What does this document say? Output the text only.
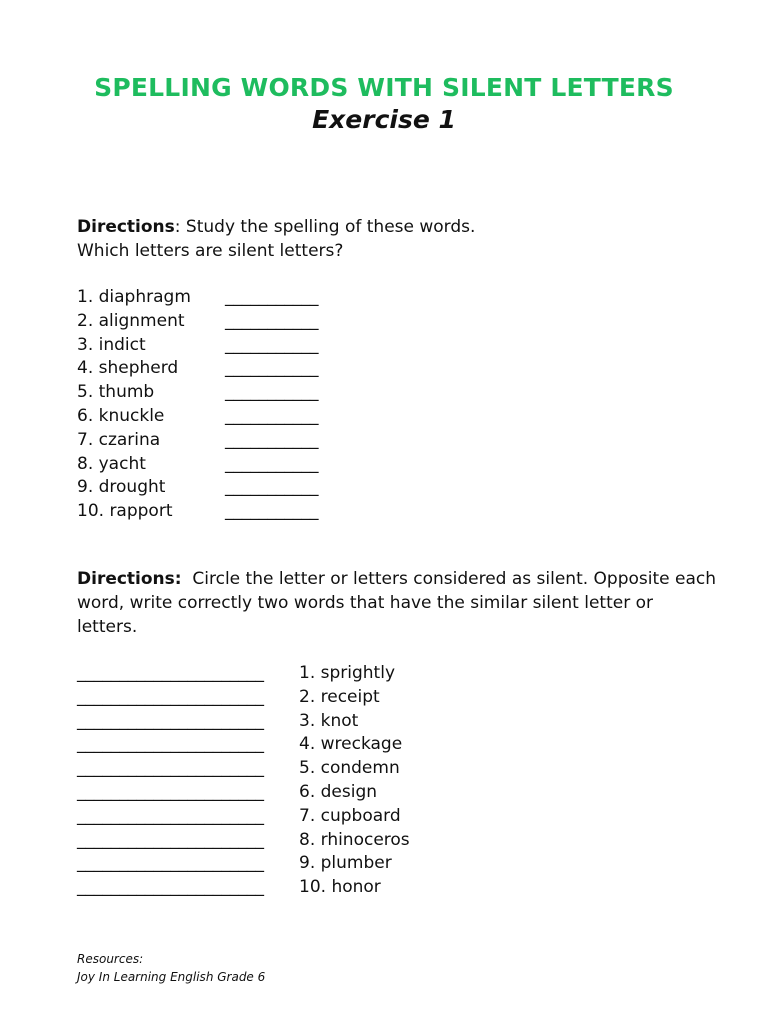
SPELLING WORDS WITH SILENT LETTERS
Exercise 1
Directions: Study the spelling of these words.
Which letters are silent letters?
1. diaphragm ___________
2. alignment ___________
3. indict	___________
4. shepherd	___________
5. thumb	___________
6. knuckle	___________
7. czarina	___________
8. yacht	___________
9. drought	___________
10. rapport	___________
Directions: Circle the letter or letters considered as silent. Opposite each word, write correctly two words that have the similar silent letter or letters.
______________________ 1. sprightly
______________________ 2. receipt
______________________ 3. knot
______________________ 4. wreckage
______________________ 5. condemn
______________________ 6. design
______________________ 7. cupboard
______________________ 8. rhinoceros
______________________ 9. plumber
______________________ 10. honor
Resources:
Joy In Learning English Grade 6
